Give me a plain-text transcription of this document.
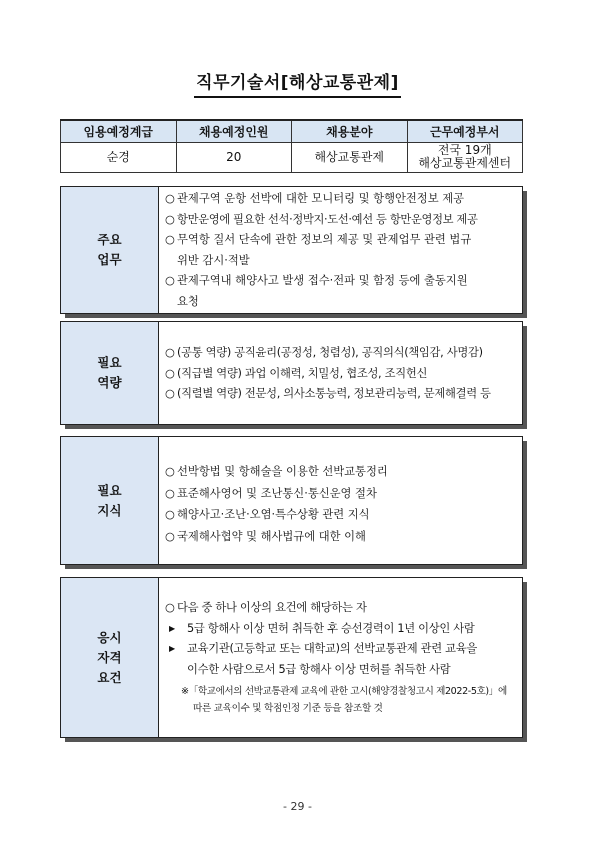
직무기술서[해상교통관제]
임용예정계급	채용예정인원	채용분야	근무예정부서
순경	20	해상교통관제	전국 19개
해상교통관제센터
주요
업무
○ 관제구역 운항 선박에 대한 모니터링 및 항행안전정보 제공
○ 항만운영에 필요한 선석·정박지·도선·예선 등 항만운영정보 제공
○ 무역항 질서 단속에 관한 정보의 제공 및 관제업무 관련 법규
위반 감시·적발
○ 관제구역내 해양사고 발생 접수·전파 및 함정 등에 출동지원
요청
필요
역량
○ (공통 역량) 공직윤리(공정성, 청렴성), 공직의식(책임감, 사명감)
○ (직급별 역량) 과업 이해력, 치밀성, 협조성, 조직헌신
○ (직렬별 역량) 전문성, 의사소통능력, 정보관리능력, 문제해결력 등
필요
지식
○ 선박항법 및 항해술을 이용한 선박교통정리
○ 표준해사영어 및 조난통신·통신운영 절차
○ 해양사고·조난·오염·특수상황 관련 지식
○ 국제해사협약 및 해사법규에 대한 이해
응시
자격
요건
○ 다음 중 하나 이상의 요건에 해당하는 자
▶ 5급 항해사 이상 면허 취득한 후 승선경력이 1년 이상인 사람
▶ 교육기관(고등학교 또는 대학교)의 선박교통관제 관련 교육을
이수한 사람으로서 5급 항해사 이상 면허를 취득한 사람
※「학교에서의 선박교통관제 교육에 관한 고시(해양경찰청고시 제2022-5호)」에
따른 교육이수 및 학점인정 기준 등을 참조할 것
- 29 -
